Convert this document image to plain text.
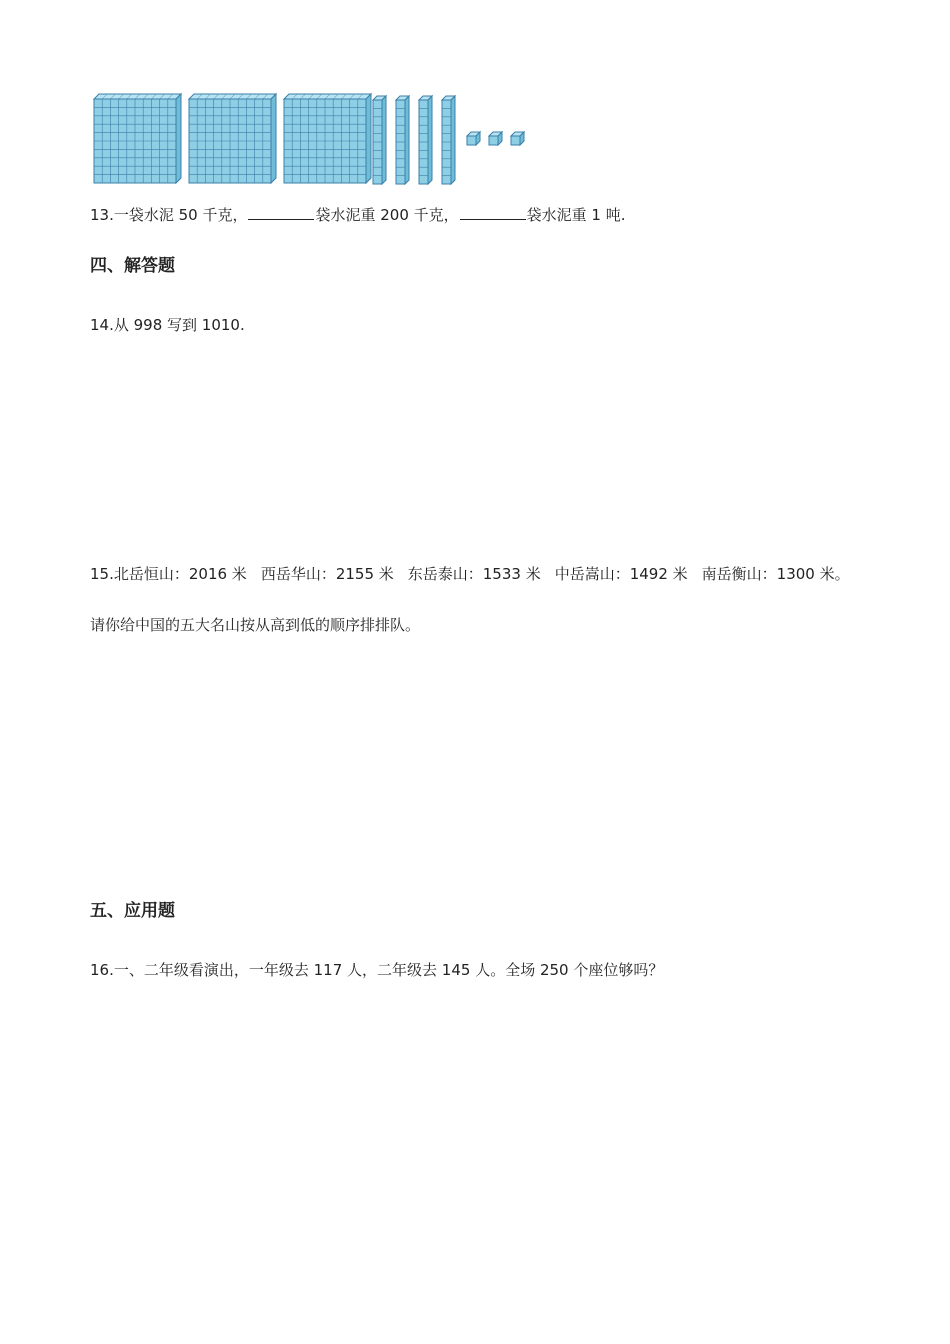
13.一袋水泥 50 千克，	袋水泥重 200 千克，	袋水泥重 1 吨.
四、解答题
14.从 998 写到 1010.
15.北岳恒山：2016 米 西岳华山：2155 米 东岳泰山：1533 米 中岳嵩山：1492 米 南岳衡山：1300 米。
请你给中国的五大名山按从高到低的顺序排排队。
五、应用题
16.一、二年级看演出，一年级去 117 人，二年级去 145 人。全场 250 个座位够吗？
